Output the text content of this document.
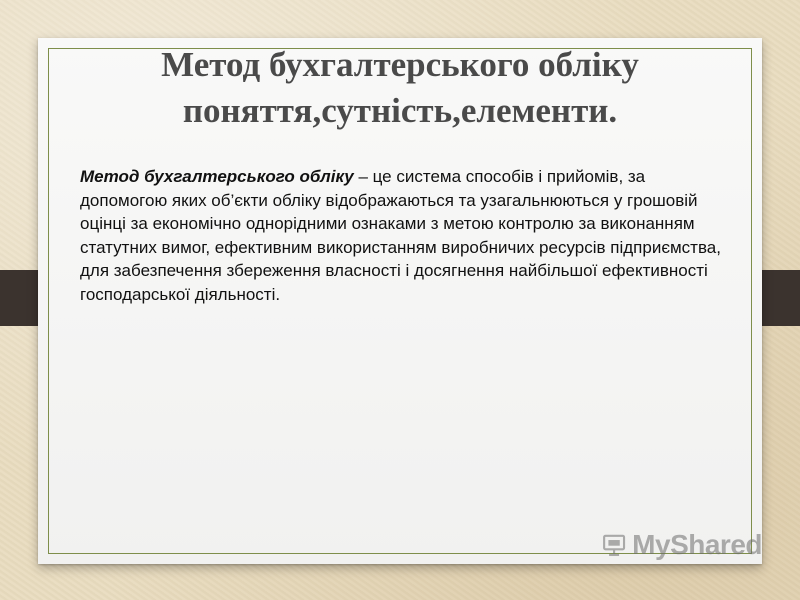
Метод бухгалтерського обліку
поняття,сутність,елементи.

Метод бухгалтерського обліку – це система способів і прийомів, за допомогою яких об’єкти обліку відображаються та узагальнюються у грошовій оцінці за економічно однорідними ознаками з метою контролю за виконанням статутних вимог, ефективним використанням виробничих ресурсів підприємства, для забезпечення збереження власності і досягнення найбільшої ефективності господарської діяльності.

MyShared
